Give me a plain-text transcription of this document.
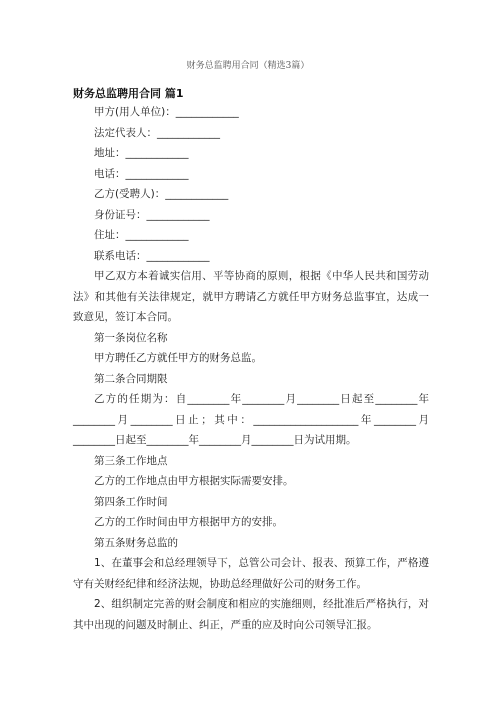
财务总监聘用合同（精选3篇）
财务总监聘用合同 篇1
甲方(用人单位)：____________
法定代表人：____________
地址：____________
电话：____________
乙方(受聘人)：____________
身份证号：____________
住址：____________
联系电话：____________
甲乙双方本着诚实信用、平等协商的原则，根据《中华人民共和国劳动法》和其他有关法律规定，就甲方聘请乙方就任甲方财务总监事宜，达成一致意见，签订本合同。
第一条岗位名称
甲方聘任乙方就任甲方的财务总监。
第二条合同期限
乙方的任期为：自________年________月________日起至________年________月________日止；其中：____________________年________月________日起至________年________月________日为试用期。
第三条工作地点
乙方的工作地点由甲方根据实际需要安排。
第四条工作时间
乙方的工作时间由甲方根据甲方的安排。
第五条财务总监的
1、在董事会和总经理领导下，总管公司会计、报表、预算工作，严格遵守有关财经纪律和经济法规，协助总经理做好公司的财务工作。
2、组织制定完善的财会制度和相应的实施细则，经批准后严格执行，对其中出现的问题及时制止、纠正，严重的应及时向公司领导汇报。
